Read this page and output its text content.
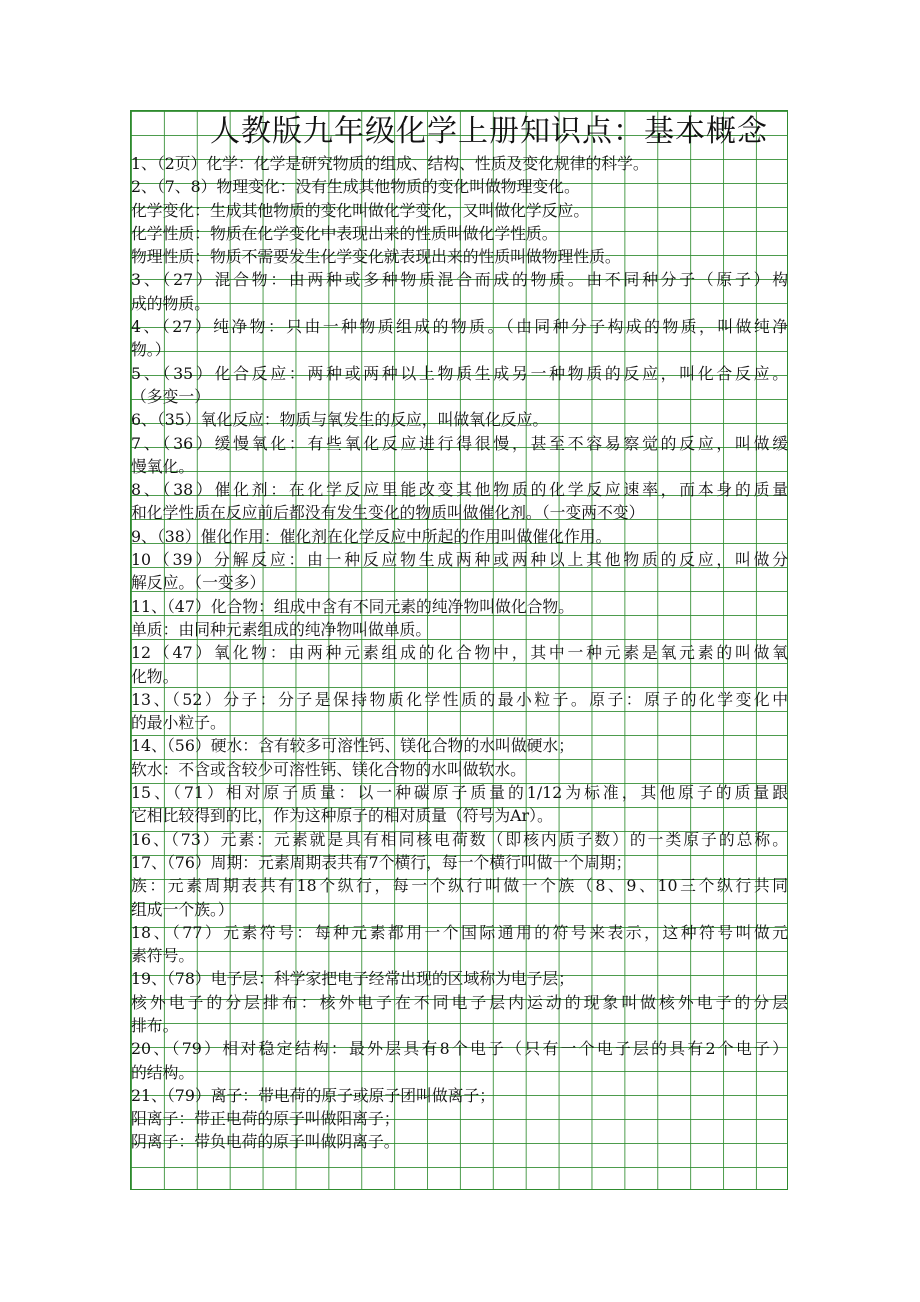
人教版九年级化学上册知识点：基本概念
1、（2页）化学：化学是研究物质的组成、结构、性质及变化规律的科学。
2、（7、8）物理变化：没有生成其他物质的变化叫做物理变化。
化学变化：生成其他物质的变化叫做化学变化，又叫做化学反应。
化学性质：物质在化学变化中表现出来的性质叫做化学性质。
物理性质：物质不需要发生化学变化就表现出来的性质叫做物理性质。
3、（27）混合物：由两种或多种物质混合而成的物质。由不同种分子（原子）构
成的物质。
4、（27）纯净物：只由一种物质组成的物质。（由同种分子构成的物质，叫做纯净
物。）
5、（35）化合反应：两种或两种以上物质生成另一种物质的反应，叫化合反应。
（多变一）
6、（35）氧化反应：物质与氧发生的反应，叫做氧化反应。
7、（36）缓慢氧化：有些氧化反应进行得很慢，甚至不容易察觉的反应，叫做缓
慢氧化。
8、（38）催化剂：在化学反应里能改变其他物质的化学反应速率，而本身的质量
和化学性质在反应前后都没有发生变化的物质叫做催化剂。（一变两不变）
9、（38）催化作用：催化剂在化学反应中所起的作用叫做催化作用。
10（39）分解反应：由一种反应物生成两种或两种以上其他物质的反应，叫做分
解反应。（一变多）
11、（47）化合物：组成中含有不同元素的纯净物叫做化合物。
单质：由同种元素组成的纯净物叫做单质。
12（47）氧化物：由两种元素组成的化合物中，其中一种元素是氧元素的叫做氧
化物。
13、（52）分子：分子是保持物质化学性质的最小粒子。原子：原子的化学变化中
的最小粒子。
14、（56）硬水：含有较多可溶性钙、镁化合物的水叫做硬水；
软水：不含或含较少可溶性钙、镁化合物的水叫做软水。
15、（71）相对原子质量：以一种碳原子质量的1/12为标准，其他原子的质量跟
它相比较得到的比，作为这种原子的相对质量（符号为Ar）。
16、（73）元素：元素就是具有相同核电荷数（即核内质子数）的一类原子的总称。
17、（76）周期：元素周期表共有7个横行，每一个横行叫做一个周期；
族：元素周期表共有18个纵行，每一个纵行叫做一个族（8、9、10三个纵行共同
组成一个族。）
18、（77）元素符号：每种元素都用一个国际通用的符号来表示，这种符号叫做元
素符号。
19、（78）电子层：科学家把电子经常出现的区域称为电子层；
核外电子的分层排布：核外电子在不同电子层内运动的现象叫做核外电子的分层
排布。
20、（79）相对稳定结构：最外层具有8个电子（只有一个电子层的具有2个电子）
的结构。
21、（79）离子：带电荷的原子或原子团叫做离子；
阳离子：带正电荷的原子叫做阳离子；
阴离子：带负电荷的原子叫做阴离子。
